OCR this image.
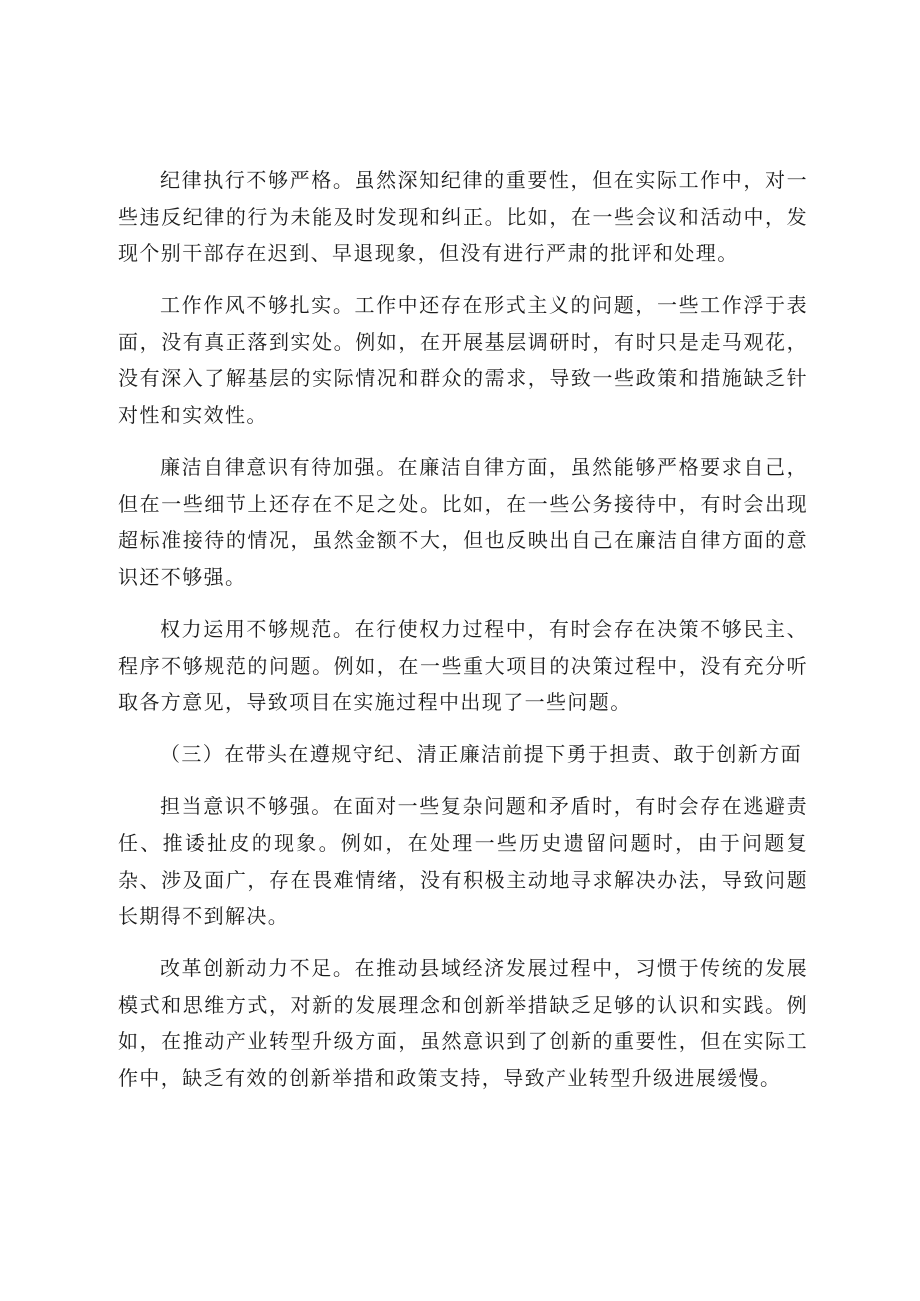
纪律执行不够严格。虽然深知纪律的重要性，但在实际工作中，对一些违反纪律的行为未能及时发现和纠正。比如，在一些会议和活动中，发现个别干部存在迟到、早退现象，但没有进行严肃的批评和处理。

工作作风不够扎实。工作中还存在形式主义的问题，一些工作浮于表面，没有真正落到实处。例如，在开展基层调研时，有时只是走马观花，没有深入了解基层的实际情况和群众的需求，导致一些政策和措施缺乏针对性和实效性。

廉洁自律意识有待加强。在廉洁自律方面，虽然能够严格要求自己，但在一些细节上还存在不足之处。比如，在一些公务接待中，有时会出现超标准接待的情况，虽然金额不大，但也反映出自己在廉洁自律方面的意识还不够强。

权力运用不够规范。在行使权力过程中，有时会存在决策不够民主、程序不够规范的问题。例如，在一些重大项目的决策过程中，没有充分听取各方意见，导致项目在实施过程中出现了一些问题。

（三）在带头在遵规守纪、清正廉洁前提下勇于担责、敢于创新方面

担当意识不够强。在面对一些复杂问题和矛盾时，有时会存在逃避责任、推诿扯皮的现象。例如，在处理一些历史遗留问题时，由于问题复杂、涉及面广，存在畏难情绪，没有积极主动地寻求解决办法，导致问题长期得不到解决。

改革创新动力不足。在推动县域经济发展过程中，习惯于传统的发展模式和思维方式，对新的发展理念和创新举措缺乏足够的认识和实践。例如，在推动产业转型升级方面，虽然意识到了创新的重要性，但在实际工作中，缺乏有效的创新举措和政策支持，导致产业转型升级进展缓慢。
